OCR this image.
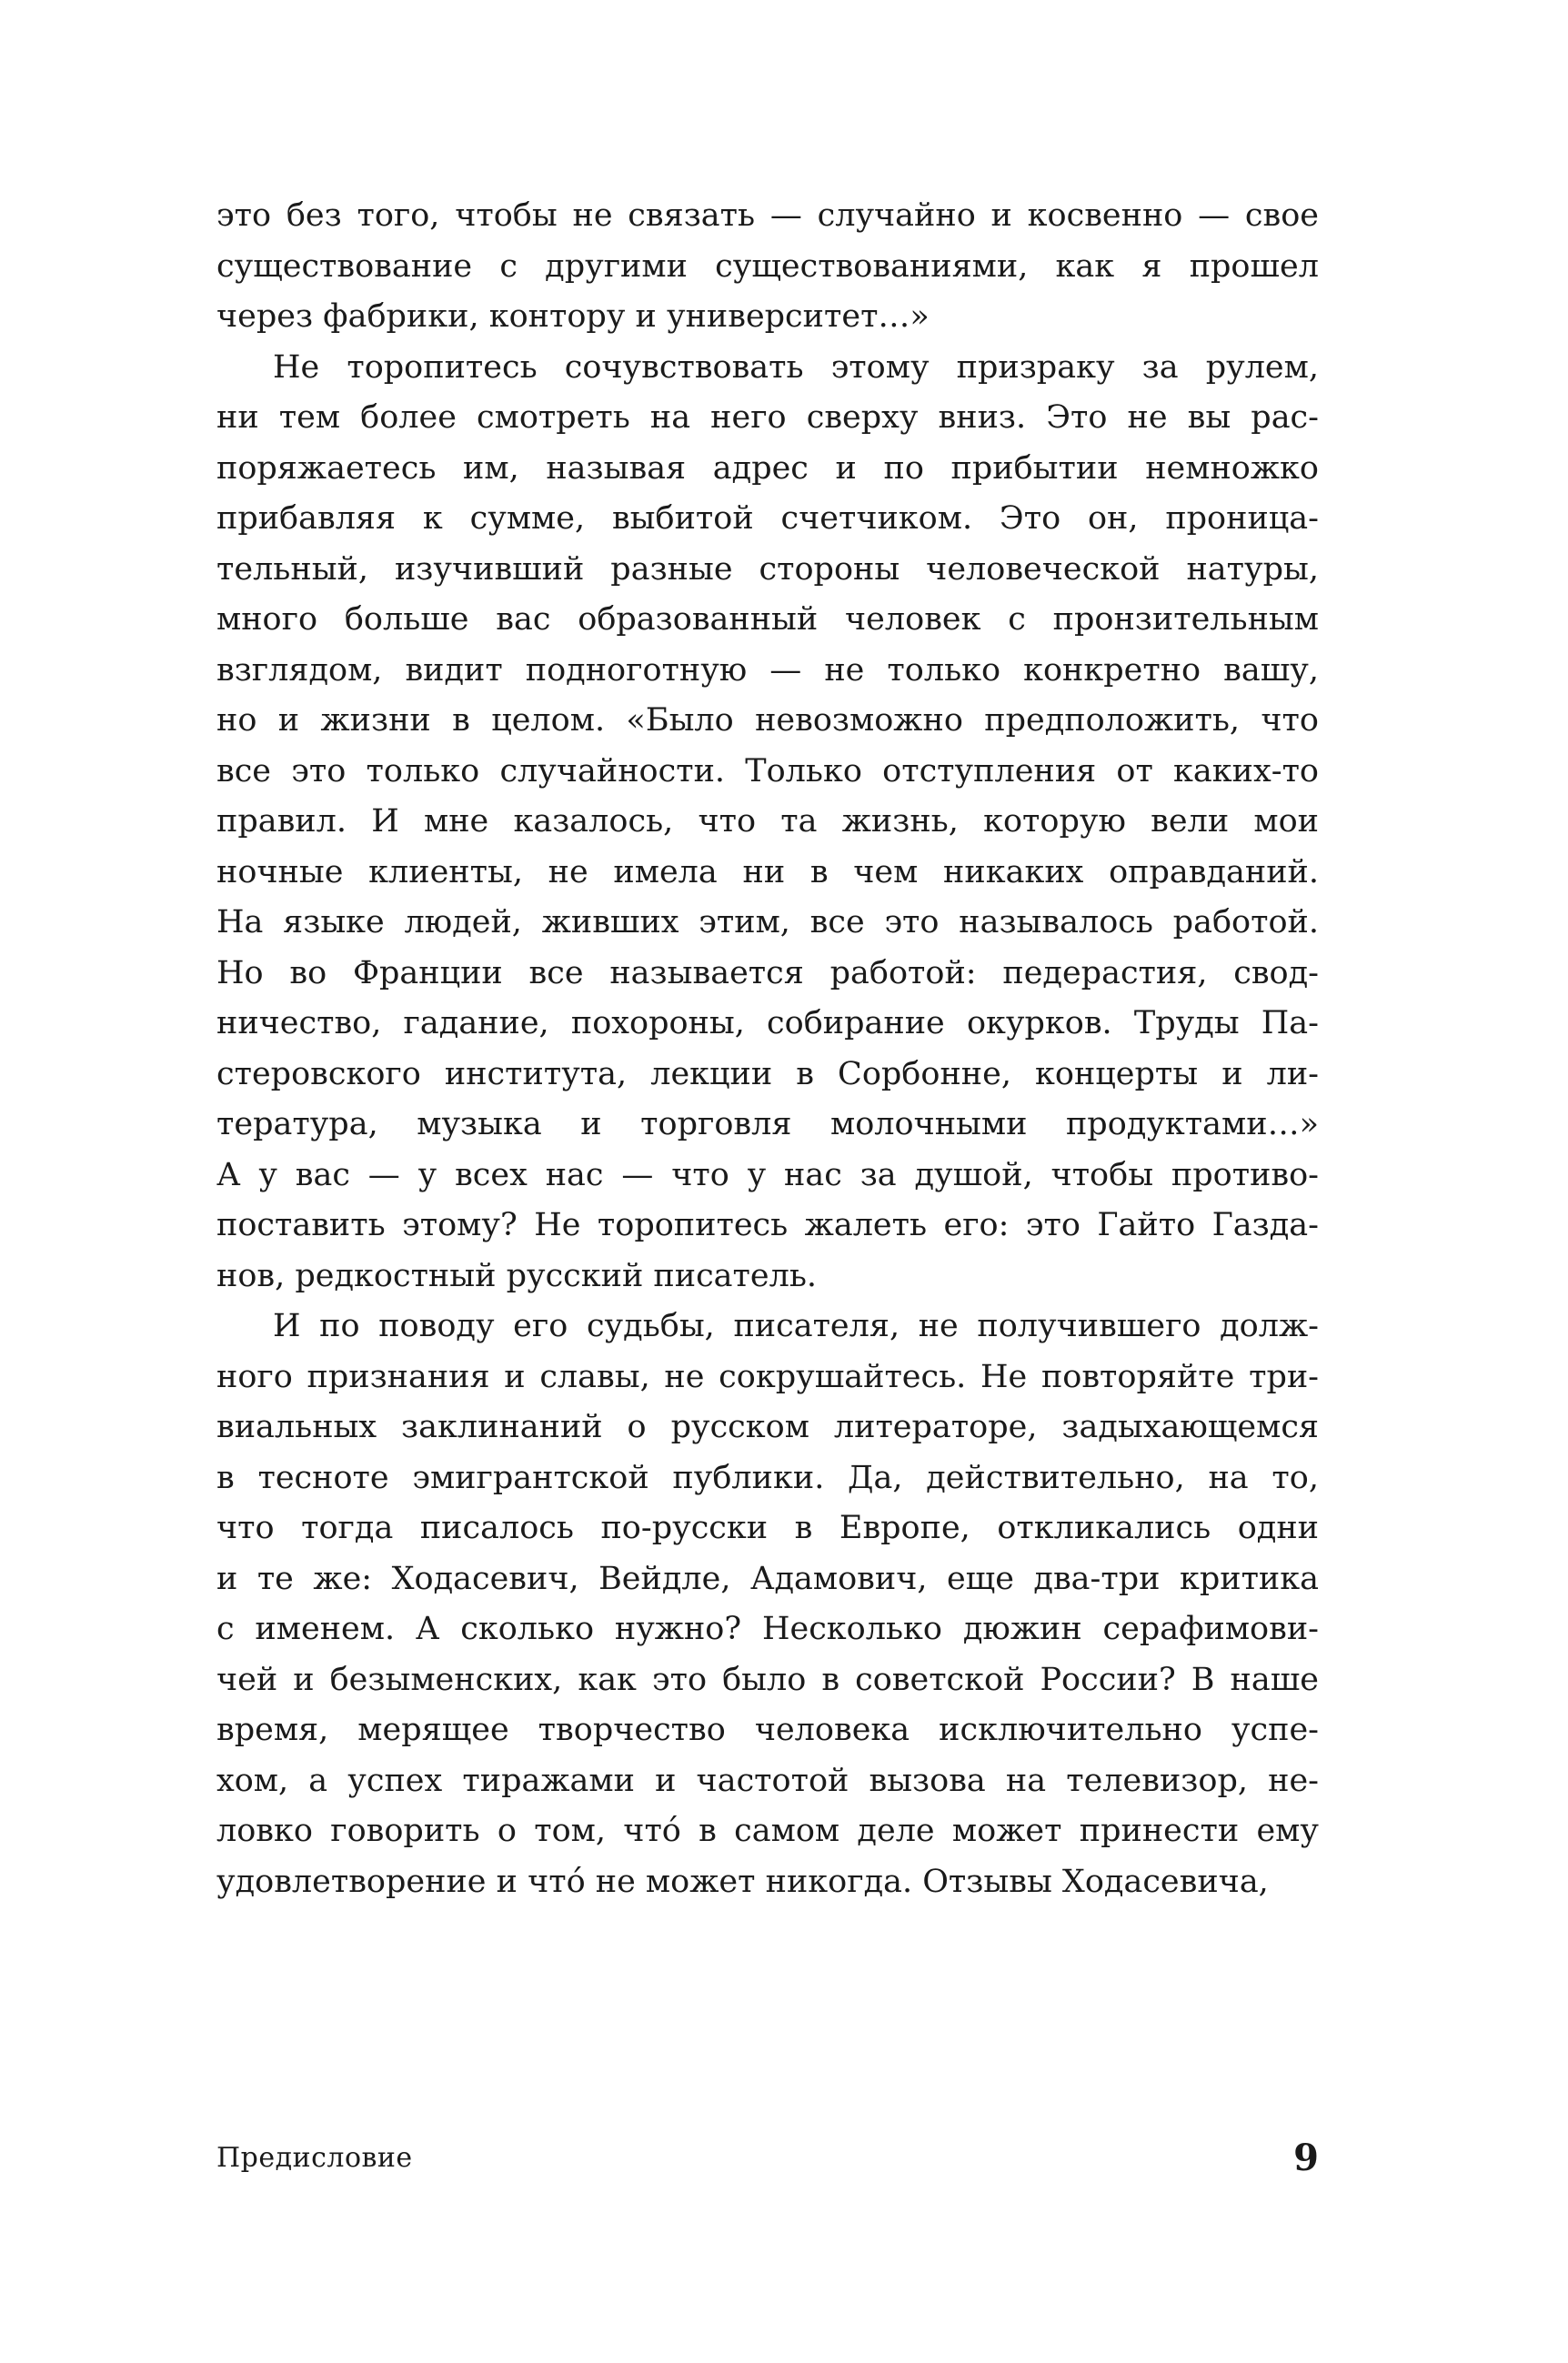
это без того, чтобы не связать — случайно и косвенно — свое
существование с другими существованиями, как я прошел
через фабрики, контору и университет…»

Не торопитесь сочувствовать этому призраку за рулем,
ни тем более смотреть на него сверху вниз. Это не вы рас-
поряжаетесь им, называя адрес и по прибытии немножко
прибавляя к сумме, выбитой счетчиком. Это он, проница-
тельный, изучивший разные стороны человеческой натуры,
много больше вас образованный человек с пронзительным
взглядом, видит подноготную — не только конкретно вашу,
но и жизни в целом. «Было невозможно предположить, что
все это только случайности. Только отступления от каких-то
правил. И мне казалось, что та жизнь, которую вели мои
ночные клиенты, не имела ни в чем никаких оправданий.
На языке людей, живших этим, все это называлось работой.
Но во Франции все называется работой: педерастия, свод-
ничество, гадание, похороны, собирание окурков. Труды Па-
стеровского института, лекции в Сорбонне, концерты и ли-
тература, музыка и торговля молочными продуктами…»
А у вас — у всех нас — что у нас за душой, чтобы противо-
поставить этому? Не торопитесь жалеть его: это Гайто Газда-
нов, редкостный русский писатель.

И по поводу его судьбы, писателя, не получившего долж-
ного признания и славы, не сокрушайтесь. Не повторяйте три-
виальных заклинаний о русском литераторе, задыхающемся
в тесноте эмигрантской публики. Да, действительно, на то,
что тогда писалось по-русски в Европе, откликались одни
и те же: Ходасевич, Вейдле, Адамович, еще два-три критика
с именем. А сколько нужно? Несколько дюжин серафимови-
чей и безыменских, как это было в советской России? В наше
время, мерящее творчество человека исключительно успе-
хом, а успех тиражами и частотой вызова на телевизор, не-
ловко говорить о том, что́ в самом деле может принести ему
удовлетворение и что́ не может никогда. Отзывы Ходасевича,

Предисловие	9
